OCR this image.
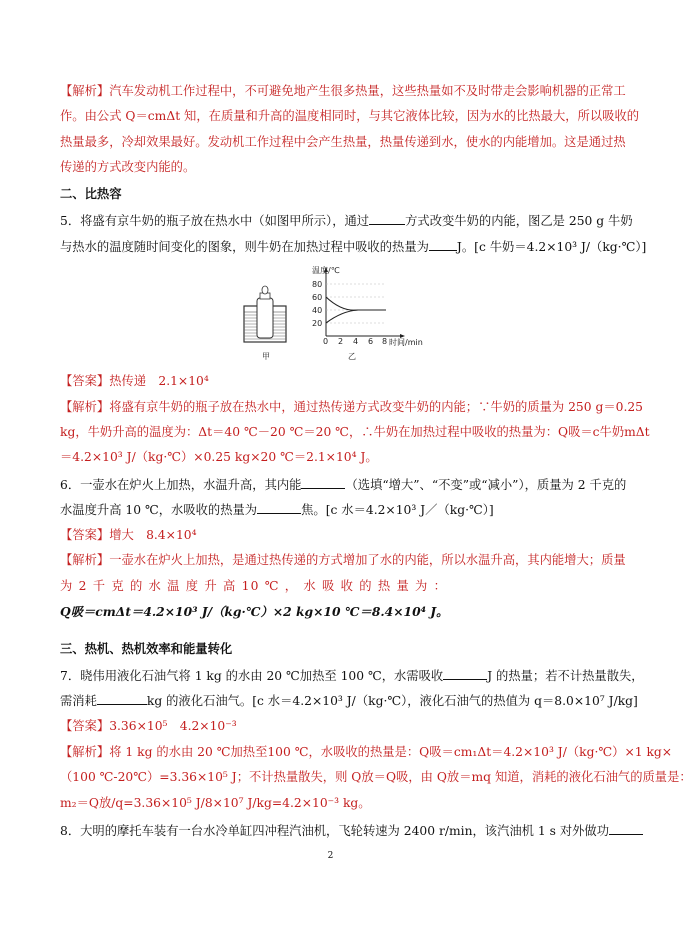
【解析】汽车发动机工作过程中，不可避免地产生很多热量，这些热量如不及时带走会影响机器的正常工
作。由公式 Q＝cmΔt 知，在质量和升高的温度相同时，与其它液体比较，因为水的比热最大，所以吸收的
热量最多，冷却效果最好。发动机工作过程中会产生热量，热量传递到水，使水的内能增加。这是通过热
传递的方式改变内能的。
二、比热容
5．将盛有京牛奶的瓶子放在热水中（如图甲所示），通过	方式改变牛奶的内能，图乙是 250 g 牛奶
与热水的温度随时间变化的图象，则牛奶在加热过程中吸收的热量为 J。[c 牛奶＝4.2×10³ J/（kg·℃）]
甲
温度/℃
80
60
40
20
0 2 4 6 8 时间/min
乙
【答案】热传递　2.1×10⁴
【解析】将盛有京牛奶的瓶子放在热水中，通过热传递方式改变牛奶的内能；∵牛奶的质量为 250 g＝0.25
kg，牛奶升高的温度为：Δt＝40 ℃－20 ℃＝20 ℃，∴牛奶在加热过程中吸收的热量为：Q吸＝c牛奶mΔt
＝4.2×10³ J/（kg·℃）×0.25 kg×20 ℃＝2.1×10⁴ J。
6．一壶水在炉火上加热，水温升高，其内能	（选填“增大”、“不变”或“减小”），质量为 2 千克的
水温度升高 10 ℃，水吸收的热量为	焦。[c 水＝4.2×10³ J／（kg·℃）]
【答案】增大　8.4×10⁴
【解析】一壶水在炉火上加热，是通过热传递的方式增加了水的内能，所以水温升高，其内能增大；质量
为 2 千 克 的 水 温 度 升 高 10 ℃ ， 水 吸 收 的 热 量 为 ：
Q吸＝cmΔt＝4.2×10³ J/（kg·℃）×2 kg×10 ℃＝8.4×10⁴ J。
三、热机、热机效率和能量转化
7．晓伟用液化石油气将 1 kg 的水由 20 ℃加热至 100 ℃，水需吸收	J 的热量；若不计热量散失，
需消耗	kg 的液化石油气。[c 水＝4.2×10³ J/（kg·℃），液化石油气的热值为 q＝8.0×10⁷ J/kg]
【答案】3.36×10⁵　4.2×10⁻³
【解析】将 1 kg 的水由 20 ℃加热至100 ℃，水吸收的热量是：Q吸＝cm₁Δt＝4.2×10³ J/（kg·℃）×1 kg×
（100 ℃-20℃）=3.36×10⁵ J；不计热量散失，则 Q放＝Q吸，由 Q放＝mq 知道，消耗的液化石油气的质量是：
m₂＝Q放/q=3.36×10⁵ J/8×10⁷ J/kg=4.2×10⁻³ kg。
8．大明的摩托车装有一台水冷单缸四冲程汽油机，飞轮转速为 2400 r/min，该汽油机 1 s 对外做功
2
